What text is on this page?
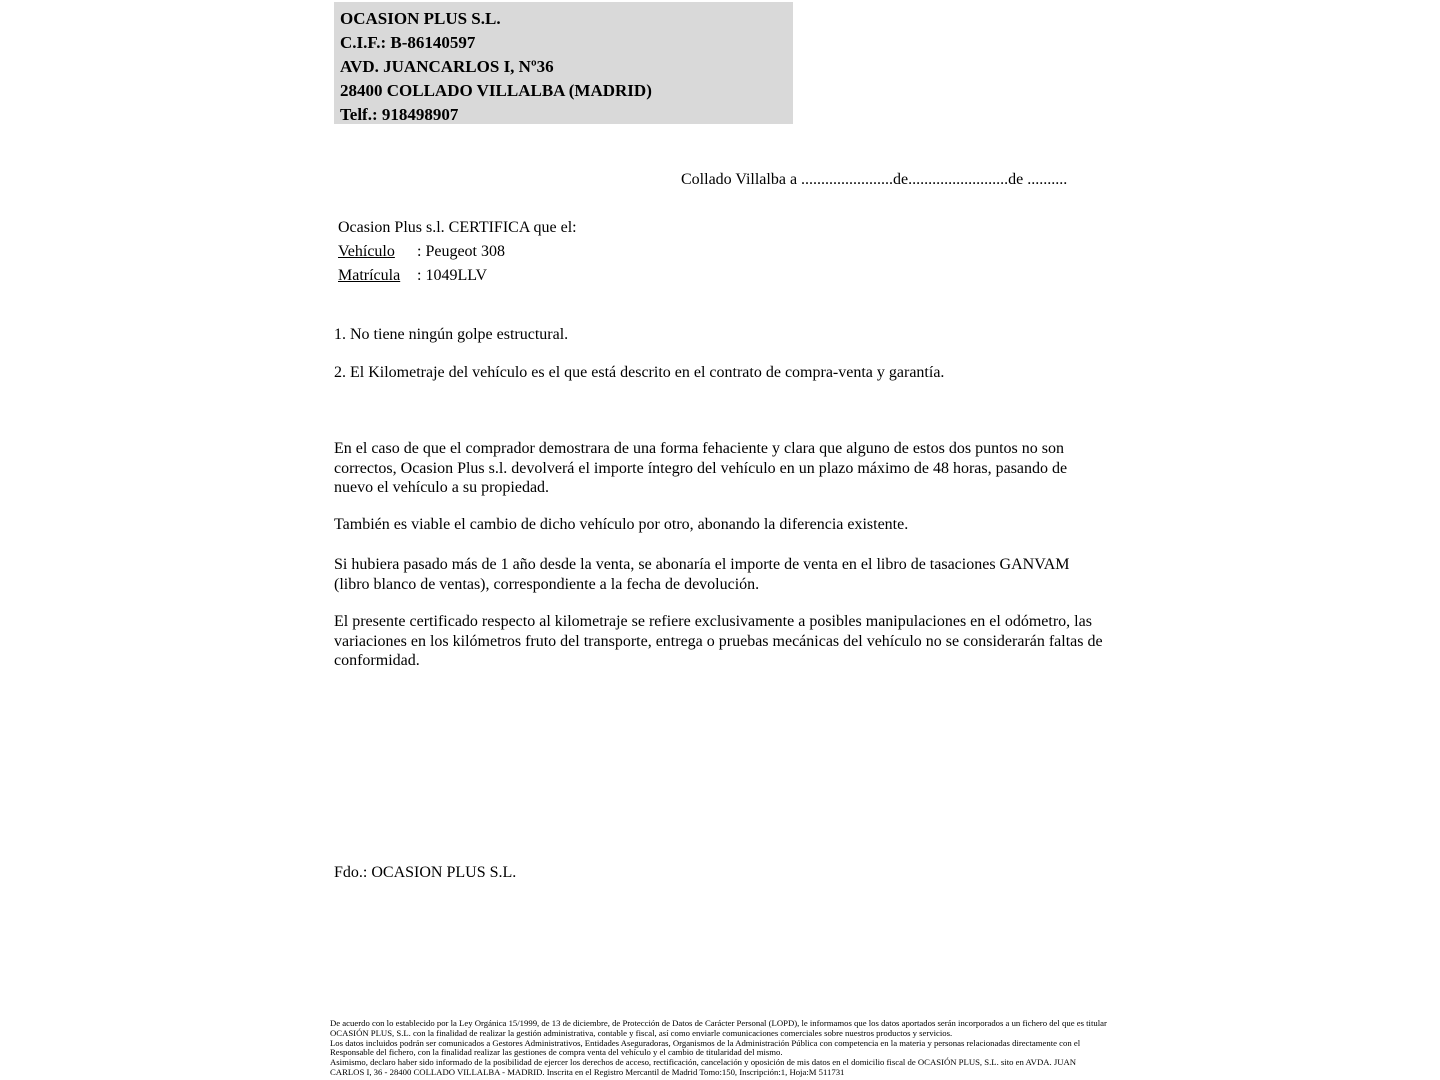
OCASION PLUS S.L.
C.I.F.: B-86140597
AVD. JUANCARLOS I, Nº36
28400 COLLADO VILLALBA (MADRID)
Telf.: 918498907
Collado Villalba a .......................de.........................de ..........
Ocasion Plus s.l. CERTIFICA que el:
Vehículo : Peugeot 308
Matrícula : 1049LLV
1. No tiene ningún golpe estructural.
2. El Kilometraje del vehículo es el que está descrito en el contrato de compra-venta y garantía.
En el caso de que el comprador demostrara de una forma fehaciente y clara que alguno de estos dos puntos no son correctos, Ocasion Plus s.l. devolverá el importe íntegro del vehículo en un plazo máximo de 48 horas, pasando de nuevo el vehículo a su propiedad.
También es viable el cambio de dicho vehículo por otro, abonando la diferencia existente.
Si hubiera pasado más de 1 año desde la venta, se abonaría el importe de venta en el libro de tasaciones GANVAM (libro blanco de ventas), correspondiente a la fecha de devolución.
El presente certificado respecto al kilometraje se refiere exclusivamente a posibles manipulaciones en el odómetro, las variaciones en los kilómetros fruto del transporte, entrega o pruebas mecánicas del vehículo no se considerarán faltas de conformidad.
Fdo.: OCASION PLUS S.L.
De acuerdo con lo establecido por la Ley Orgánica 15/1999, de 13 de diciembre, de Protección de Datos de Carácter Personal (LOPD), le informamos que los datos aportados serán incorporados a un fichero del que es titular
OCASIÓN PLUS, S.L. con la finalidad de realizar la gestión administrativa, contable y fiscal, así como enviarle comunicaciones comerciales sobre nuestros productos y servicios.
Los datos incluidos podrán ser comunicados a Gestores Administrativos, Entidades Aseguradoras, Organismos de la Administración Pública con competencia en la materia y personas relacionadas directamente con el
Responsable del fichero, con la finalidad realizar las gestiones de compra venta del vehículo y el cambio de titularidad del mismo.
Asimismo, declaro haber sido informado de la posibilidad de ejercer los derechos de acceso, rectificación, cancelación y oposición de mis datos en el domicilio fiscal de OCASIÓN PLUS, S.L. sito en AVDA. JUAN
CARLOS I, 36 - 28400 COLLADO VILLALBA - MADRID. Inscrita en el Registro Mercantil de Madrid Tomo:150, Inscripción:1, Hoja:M 511731
